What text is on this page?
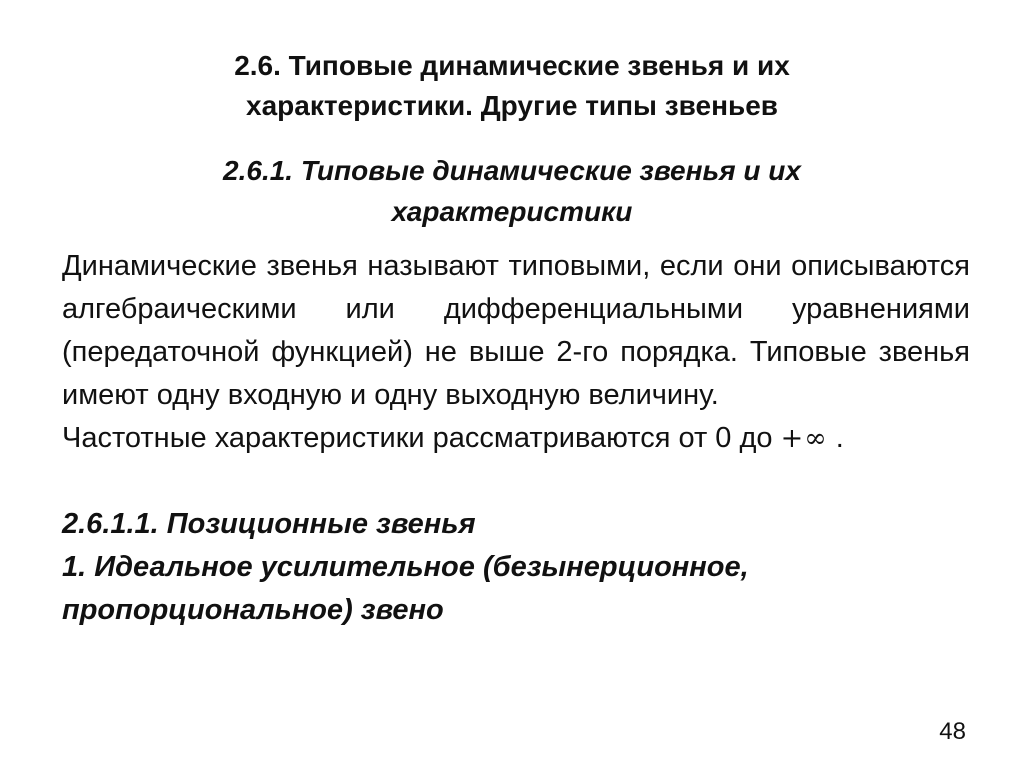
2.6. Типовые динамические звенья и их
характеристики. Другие типы звеньев
2.6.1. Типовые динамические звенья и их
характеристики

Динамические звенья называют типовыми, если они описываются алгебраическими или дифференциальными уравнениями (передаточной функцией) не выше 2-го порядка. Типовые звенья имеют одну входную и одну выходную величину.

Частотные характеристики рассматриваются от 0 до +∞ .

2.6.1.1. Позиционные звенья

1. Идеальное усилительное (безынерционное,

пропорциональное) звено

48
